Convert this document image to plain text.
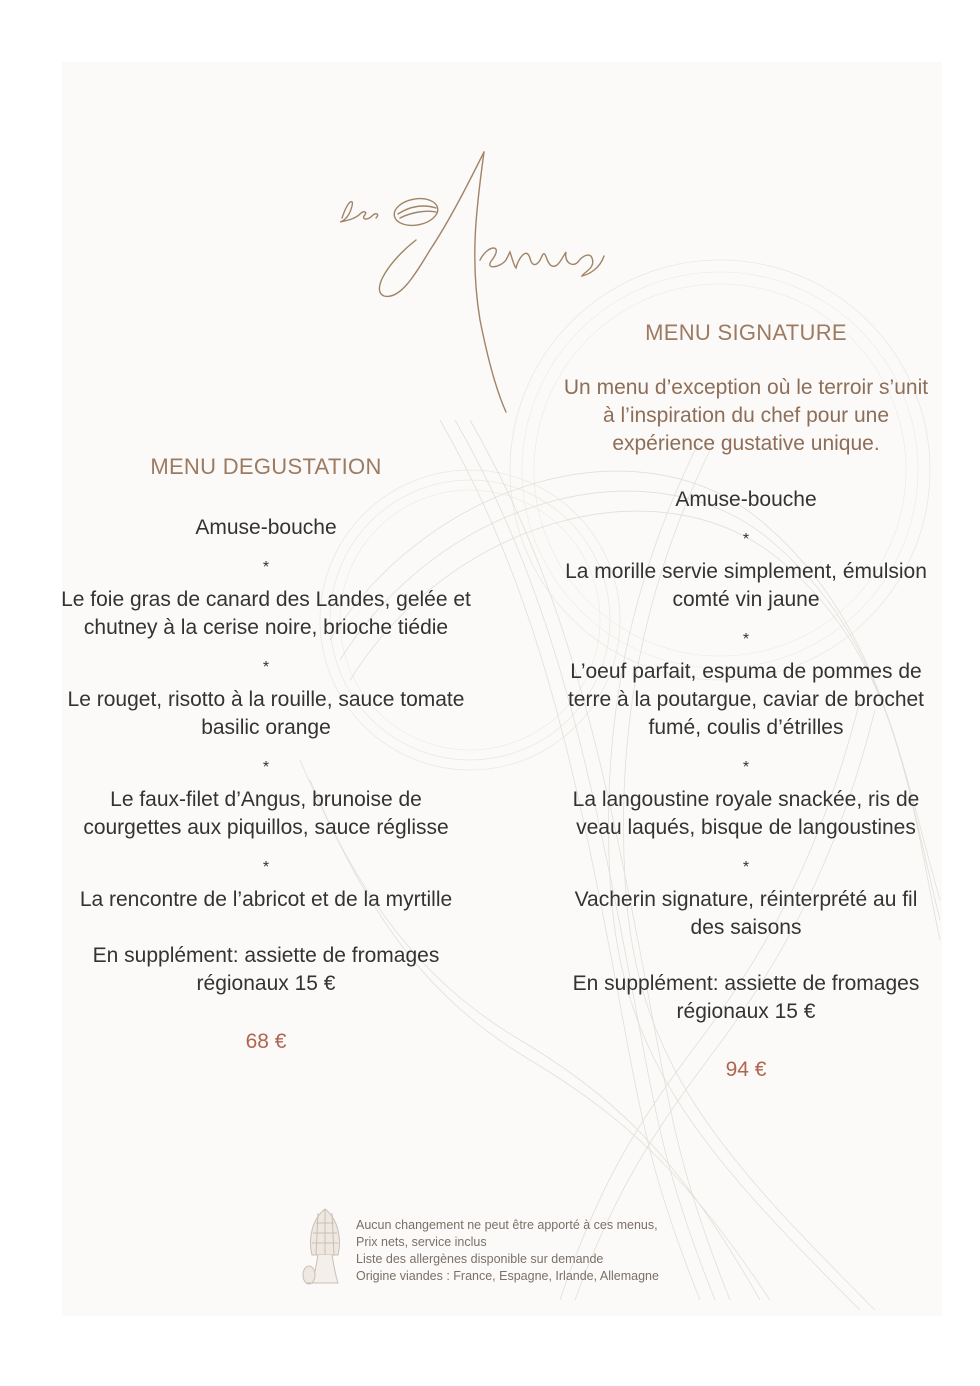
Les
Menus
MENU DEGUSTATION

Amuse-bouche

*

Le foie gras de canard des Landes, gelée et chutney à la cerise noire, brioche tiédie

*

Le rouget, risotto à la rouille, sauce tomate basilic orange

*

Le faux-filet d’Angus, brunoise de courgettes aux piquillos, sauce réglisse

*

La rencontre de l’abricot et de la myrtille

En supplément: assiette de fromages régionaux 15 €

68 €

MENU SIGNATURE

Un menu d’exception où le terroir s’unit à l’inspiration du chef pour une expérience gustative unique.

Amuse-bouche

*

La morille servie simplement, émulsion comté vin jaune

*

L’oeuf parfait, espuma de pommes de terre à la poutargue, caviar de brochet fumé, coulis d’étrilles

*

La langoustine royale snackée, ris de veau laqués, bisque de langoustines

*

Vacherin signature, réinterprété au fil des saisons

En supplément: assiette de fromages régionaux 15 €

94 €

Aucun changement ne peut être apporté à ces menus,
Prix nets, service inclus
Liste des allergènes disponible sur demande
Origine viandes : France, Espagne, Irlande, Allemagne
